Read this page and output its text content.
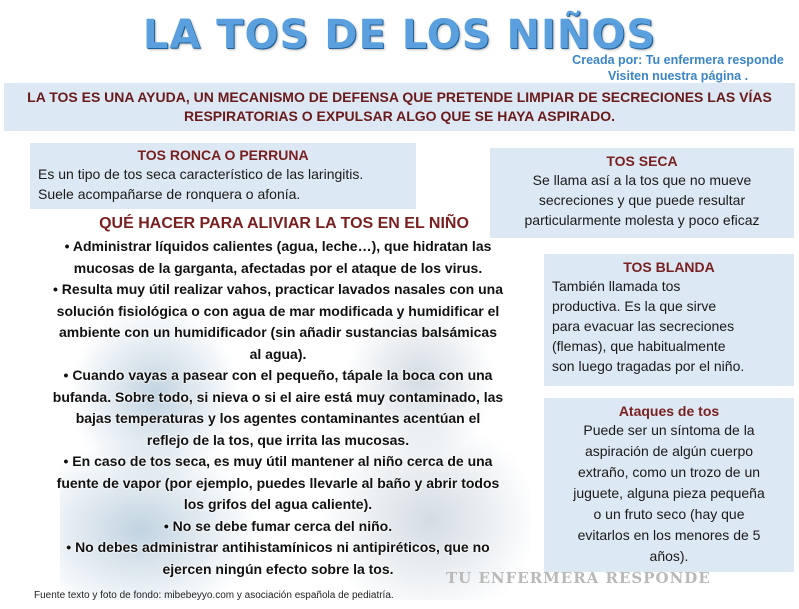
LA TOS DE LOS NIÑOS
Creada por: Tu enfermera responde
Visiten nuestra página .

LA TOS ES UNA AYUDA, UN MECANISMO DE DEFENSA QUE PRETENDE LIMPIAR DE SECRECIONES LAS VÍAS RESPIRATORIAS O EXPULSAR ALGO QUE SE HAYA ASPIRADO.

TOS RONCA O PERRUNA

Es un tipo de tos seca característico de las laringitis.

Suele acompañarse de ronquera o afonía.

TOS SECA

Se llama así a la tos que no mueve

secreciones y que puede resultar

particularmente molesta y poco eficaz

TOS BLANDA

También llamada tos

productiva. Es la que sirve

para evacuar las secreciones

(flemas), que habitualmente

son luego tragadas por el niño.

Ataques de tos

Puede ser un síntoma de la

aspiración de algún cuerpo

extraño, como un trozo de un

juguete, alguna pieza pequeña

o un fruto seco (hay que

evitarlos en los menores de 5

años).

QUÉ HACER PARA ALIVIAR LA TOS EN EL NIÑO
• Administrar líquidos calientes (agua, leche…), que hidratan las
mucosas de la garganta, afectadas por el ataque de los virus.
• Resulta muy útil realizar vahos, practicar lavados nasales con una
solución fisiológica o con agua de mar modificada y humidificar el
ambiente con un humidificador (sin añadir sustancias balsámicas
al agua).
• Cuando vayas a pasear con el pequeño, tápale la boca con una
bufanda. Sobre todo, si nieva o si el aire está muy contaminado, las
bajas temperaturas y los agentes contaminantes acentúan el
reflejo de la tos, que irrita las mucosas.
• En caso de tos seca, es muy útil mantener al niño cerca de una
fuente de vapor (por ejemplo, puedes llevarle al baño y abrir todos
los grifos del agua caliente).
• No se debe fumar cerca del niño.
• No debes administrar antihistamínicos ni antipiréticos, que no
ejercen ningún efecto sobre la tos.
TU ENFERMERA RESPONDE
Fuente texto y foto de fondo: mibebeyyo.com y asociación española de pediatría.
